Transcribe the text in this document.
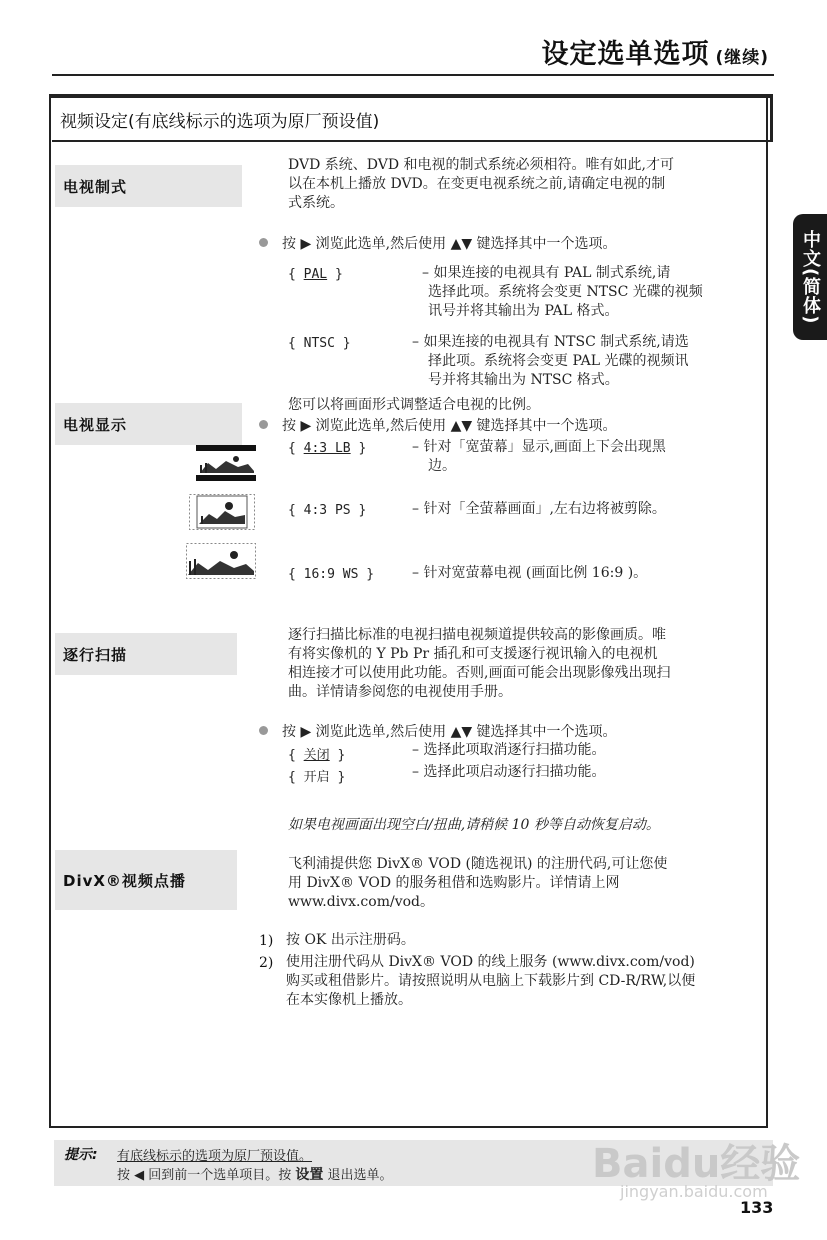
设定选单选项 (继续)
中文(简体)
视频设定(有底线标示的选项为原厂预设值)
电视制式
DVD 系统、DVD 和电视的制式系统必须相符。唯有如此,才可
以在本机上播放 DVD。在变更电视系统之前,请确定电视的制
式系统。
按 ▶ 浏览此选单,然后使用 ▲▼ 键选择其中一个选项。
{ PAL }	– 如果连接的电视具有 PAL 制式系统,请
选择此项。系统将会变更 NTSC 光碟的视频
讯号并将其输出为 PAL 格式。
{ NTSC }	– 如果连接的电视具有 NTSC 制式系统,请选
择此项。系统将会变更 PAL 光碟的视频讯
号并将其输出为 NTSC 格式。
电视显示
您可以将画面形式调整适合电视的比例。
按 ▶ 浏览此选单,然后使用 ▲▼ 键选择其中一个选项。
{ 4:3 LB }	– 针对「宽萤幕」显示,画面上下会出现黑
边。
{ 4:3 PS }	– 针对「全萤幕画面」,左右边将被剪除。
{ 16:9 WS }	– 针对宽萤幕电视 (画面比例 16:9 )。
逐行扫描
逐行扫描比标准的电视扫描电视频道提供较高的影像画质。唯
有将实像机的 Y Pb Pr 插孔和可支援逐行视讯输入的电视机
相连接才可以使用此功能。否则,画面可能会出现影像残出现扫
曲。详情请参阅您的电视使用手册。
按 ▶ 浏览此选单,然后使用 ▲▼ 键选择其中一个选项。
{ 关闭 }	– 选择此项取消逐行扫描功能。
{ 开启 }	– 选择此项启动逐行扫描功能。
如果电视画面出现空白/扭曲,请稍候 10 秒等自动恢复启动。
DivX®视频点播
飞利浦提供您 DivX® VOD (随选视讯) 的注册代码,可让您使
用 DivX® VOD 的服务租借和选购影片。详情请上网
www.divx.com/vod。
1) 按 OK 出示注册码。
2) 使用注册代码从 DivX® VOD 的线上服务 (www.divx.com/vod)
购买或租借影片。请按照说明从电脑上下载影片到 CD-R/RW,以便
在本实像机上播放。
提示: 有底线标示的选项为原厂预设值。
按 ◀ 回到前一个选单项目。按 设置 退出选单。	Baidu经验
jingyan.baidu.com
133
